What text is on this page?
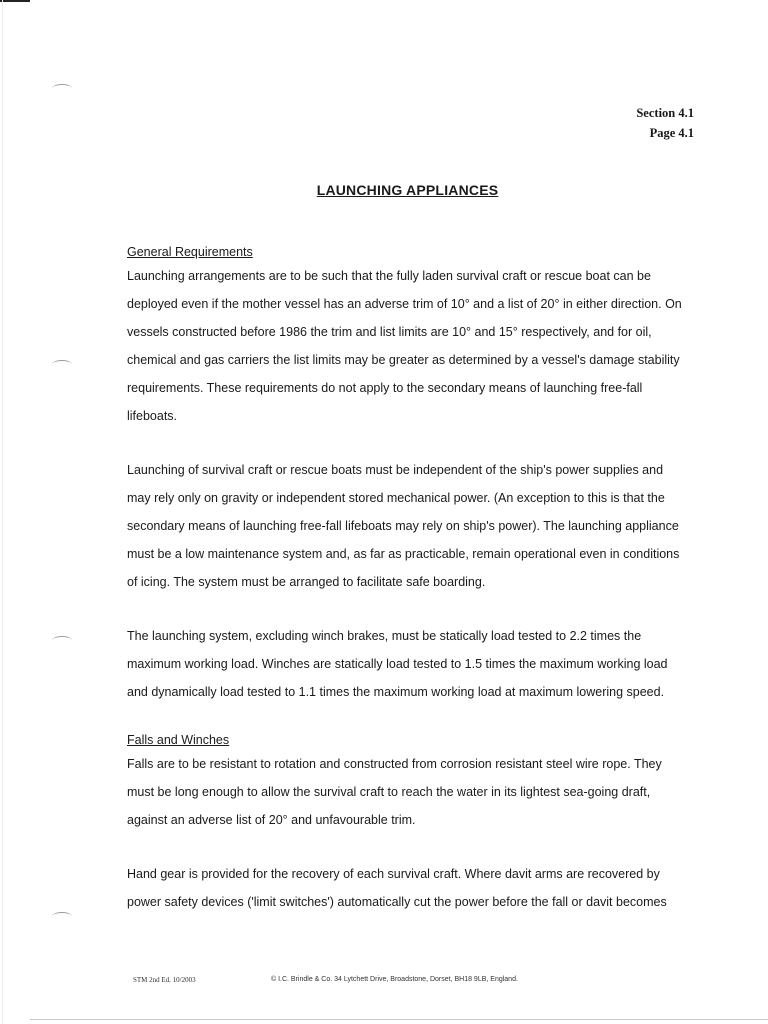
Section 4.1
Page 4.1
LAUNCHING APPLIANCES
General Requirements
Launching arrangements are to be such that the fully laden survival craft or rescue boat can be
deployed even if the mother vessel has an adverse trim of 10° and a list of 20° in either direction. On
vessels constructed before 1986 the trim and list limits are 10° and 15° respectively, and for oil,
chemical and gas carriers the list limits may be greater as determined by a vessel's damage stability
requirements. These requirements do not apply to the secondary means of launching free-fall
lifeboats.
Launching of survival craft or rescue boats must be independent of the ship's power supplies and
may rely only on gravity or independent stored mechanical power. (An exception to this is that the
secondary means of launching free-fall lifeboats may rely on ship's power). The launching appliance
must be a low maintenance system and, as far as practicable, remain operational even in conditions
of icing. The system must be arranged to facilitate safe boarding.
The launching system, excluding winch brakes, must be statically load tested to 2.2 times the
maximum working load. Winches are statically load tested to 1.5 times the maximum working load
and dynamically load tested to 1.1 times the maximum working load at maximum lowering speed.
Falls and Winches
Falls are to be resistant to rotation and constructed from corrosion resistant steel wire rope. They
must be long enough to allow the survival craft to reach the water in its lightest sea-going draft,
against an adverse list of 20° and unfavourable trim.
Hand gear is provided for the recovery of each survival craft. Where davit arms are recovered by
power safety devices ('limit switches') automatically cut the power before the fall or davit becomes
STM 2nd Ed. 10/2003	© I.C. Brindle & Co. 34 Lytchett Drive, Broadstone, Dorset, BH18 9LB, England.
